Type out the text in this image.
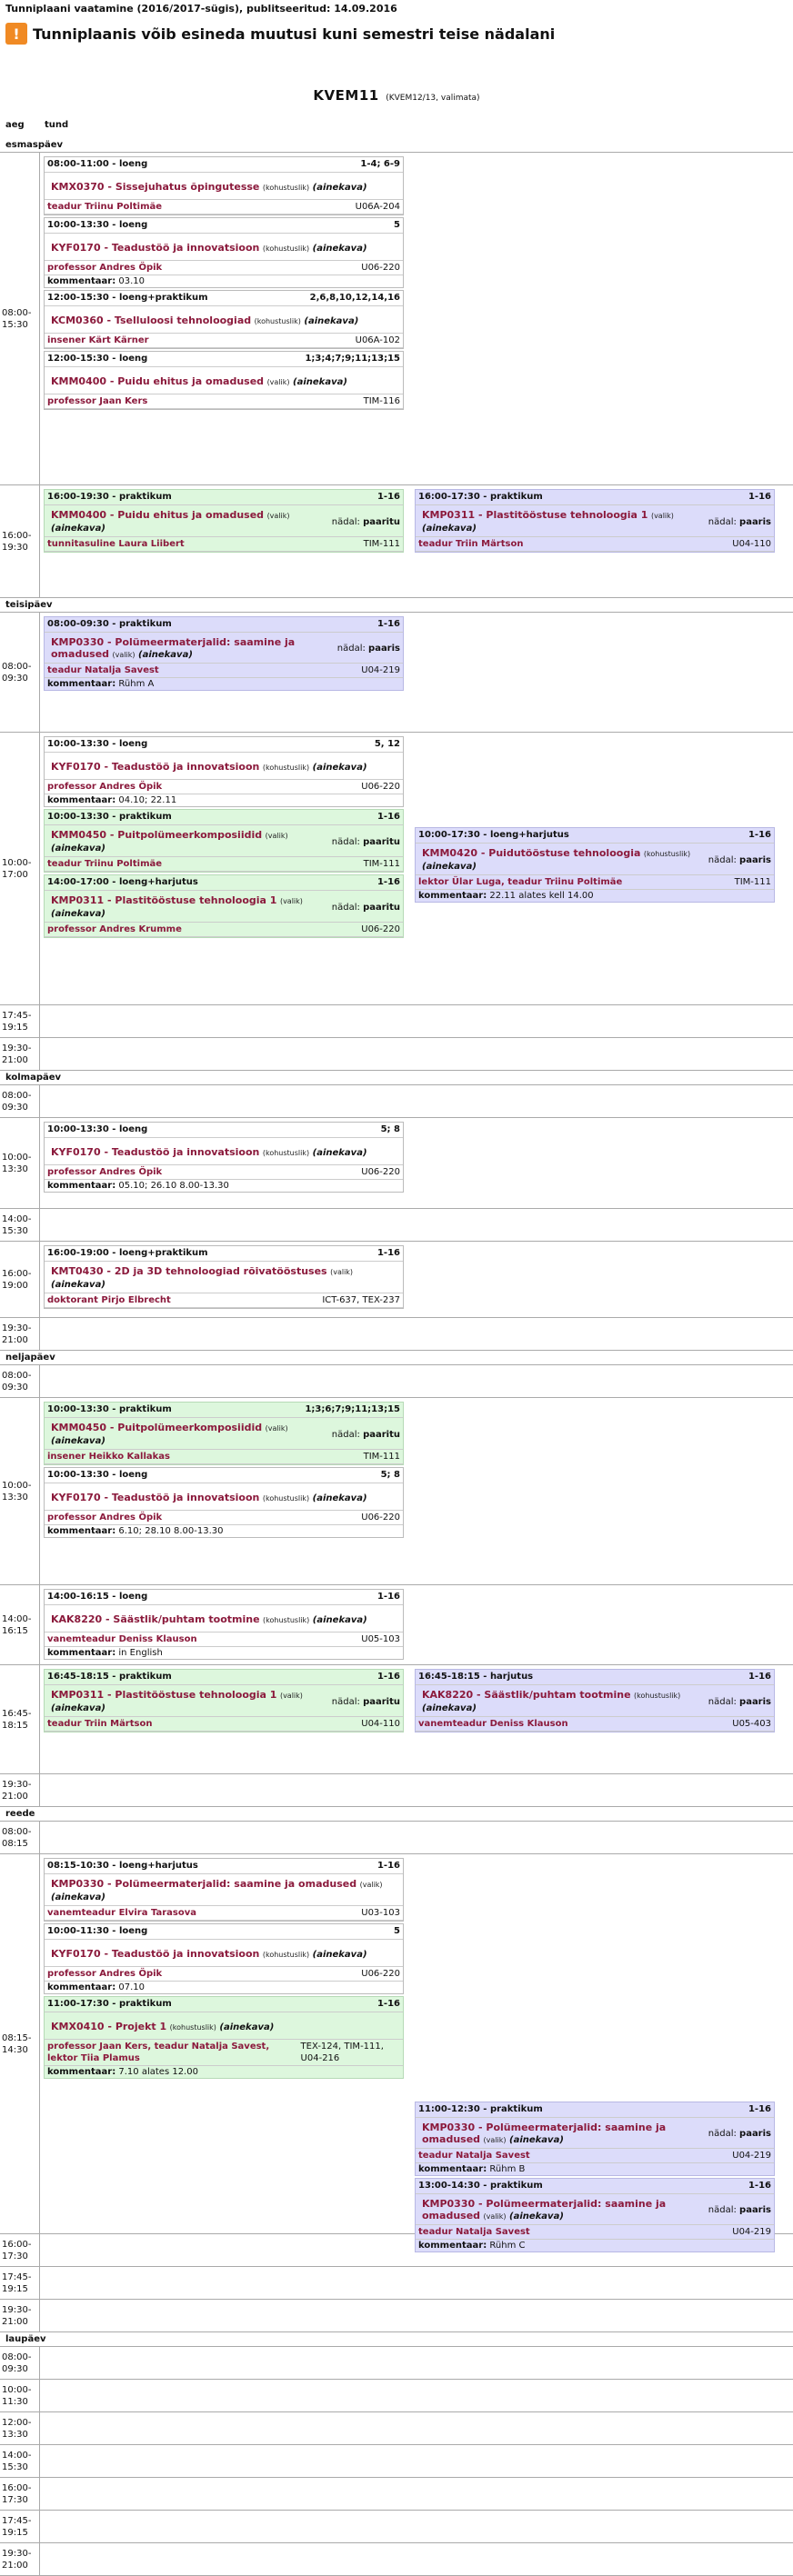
Tunniplaani vaatamine (2016/2017-sügis), publitseeritud: 14.09.2016
! Tunniplaanis võib esineda muutusi kuni semestri teise nädalani
KVEM11 (KVEM12/13, valimata)
aeg	tund
esmaspäev
08:00- 15:30
08:00-11:00 - loeng	1-4; 6-9
KMX0370 - Sissejuhatus õpingutesse (kohustuslik) (ainekava)
teadur Triinu Poltimäe	U06A-204
10:00-13:30 - loeng	5
KYF0170 - Teadustöö ja innovatsioon (kohustuslik) (ainekava)
professor Andres Öpik	U06-220
kommentaar: 03.10
12:00-15:30 - loeng+praktikum	2,6,8,10,12,14,16
KCM0360 - Tselluloosi tehnoloogiad (kohustuslik) (ainekava)
insener Kärt Kärner	U06A-102
12:00-15:30 - loeng	1;3;4;7;9;11;13;15
KMM0400 - Puidu ehitus ja omadused (valik) (ainekava)
professor Jaan Kers	TIM-116
16:00- 19:30
16:00-19:30 - praktikum	1-16
KMM0400 - Puidu ehitus ja omadused (valik) (ainekava)
nädal: paaritu
tunnitasuline Laura Liibert	TIM-111
16:00-17:30 - praktikum	1-16
KMP0311 - Plastitööstuse tehnoloogia 1 (valik) (ainekava)
nädal: paaris
teadur Triin Märtson	U04-110
teisipäev
08:00- 09:30
08:00-09:30 - praktikum	1-16
KMP0330 - Polümeermaterjalid: saamine ja omadused (valik) (ainekava)
nädal: paaris
teadur Natalja Savest	U04-219
kommentaar: Rühm A
10:00- 17:00
10:00-13:30 - loeng	5, 12
KYF0170 - Teadustöö ja innovatsioon (kohustuslik) (ainekava)
professor Andres Öpik	U06-220
kommentaar: 04.10; 22.11
10:00-13:30 - praktikum	1-16
KMM0450 - Puitpolümeerkomposiidid (valik) (ainekava)
nädal: paaritu
teadur Triinu Poltimäe	TIM-111
14:00-17:00 - loeng+harjutus	1-16
KMP0311 - Plastitööstuse tehnoloogia 1 (valik) (ainekava)
nädal: paaritu
professor Andres Krumme	U06-220
10:00-17:30 - loeng+harjutus	1-16
KMM0420 - Puidutööstuse tehnoloogia (kohustuslik) (ainekava)
nädal: paaris
lektor Ülar Luga, teadur Triinu Poltimäe	TIM-111
kommentaar: 22.11 alates kell 14.00
17:45- 19:15
19:30- 21:00
kolmapäev
08:00- 09:30
10:00- 13:30
10:00-13:30 - loeng	5; 8
KYF0170 - Teadustöö ja innovatsioon (kohustuslik) (ainekava)
professor Andres Öpik	U06-220
kommentaar: 05.10; 26.10 8.00-13.30
14:00- 15:30
16:00- 19:00
16:00-19:00 - loeng+praktikum	1-16
KMT0430 - 2D ja 3D tehnoloogiad rõivatööstuses (valik) (ainekava)
doktorant Pirjo Elbrecht	ICT-637, TEX-237
19:30- 21:00
neljapäev
08:00- 09:30
10:00- 13:30
10:00-13:30 - praktikum	1;3;6;7;9;11;13;15
KMM0450 - Puitpolümeerkomposiidid (valik) (ainekava)
nädal: paaritu
insener Heikko Kallakas	TIM-111
10:00-13:30 - loeng	5; 8
KYF0170 - Teadustöö ja innovatsioon (kohustuslik) (ainekava)
professor Andres Öpik	U06-220
kommentaar: 6.10; 28.10 8.00-13.30
14:00- 16:15
14:00-16:15 - loeng	1-16
KAK8220 - Säästlik/puhtam tootmine (kohustuslik) (ainekava)
vanemteadur Deniss Klauson	U05-103
kommentaar: in English
16:45- 18:15
16:45-18:15 - praktikum	1-16
KMP0311 - Plastitööstuse tehnoloogia 1 (valik) (ainekava)
nädal: paaritu
teadur Triin Märtson	U04-110
16:45-18:15 - harjutus	1-16
KAK8220 - Säästlik/puhtam tootmine (kohustuslik) (ainekava)
nädal: paaris
vanemteadur Deniss Klauson	U05-403
19:30- 21:00
reede
08:00- 08:15
08:15- 14:30
08:15-10:30 - loeng+harjutus	1-16
KMP0330 - Polümeermaterjalid: saamine ja omadused (valik) (ainekava)
vanemteadur Elvira Tarasova	U03-103
10:00-11:30 - loeng	5
KYF0170 - Teadustöö ja innovatsioon (kohustuslik) (ainekava)
professor Andres Öpik	U06-220
kommentaar: 07.10
11:00-17:30 - praktikum	1-16
KMX0410 - Projekt 1 (kohustuslik) (ainekava)
professor Jaan Kers, teadur Natalja Savest, lektor Tiia Plamus
TEX-124, TIM-111, U04-216
kommentaar: 7.10 alates 12.00
11:00-12:30 - praktikum	1-16
KMP0330 - Polümeermaterjalid: saamine ja omadused (valik) (ainekava)
nädal: paaris
teadur Natalja Savest	U04-219
kommentaar: Rühm B
13:00-14:30 - praktikum	1-16
KMP0330 - Polümeermaterjalid: saamine ja omadused (valik) (ainekava)
nädal: paaris
teadur Natalja Savest	U04-219
kommentaar: Rühm C
16:00- 17:30
17:45- 19:15
19:30- 21:00
laupäev
08:00- 09:30
10:00- 11:30
12:00- 13:30
14:00- 15:30
16:00- 17:30
17:45- 19:15
19:30- 21:00
